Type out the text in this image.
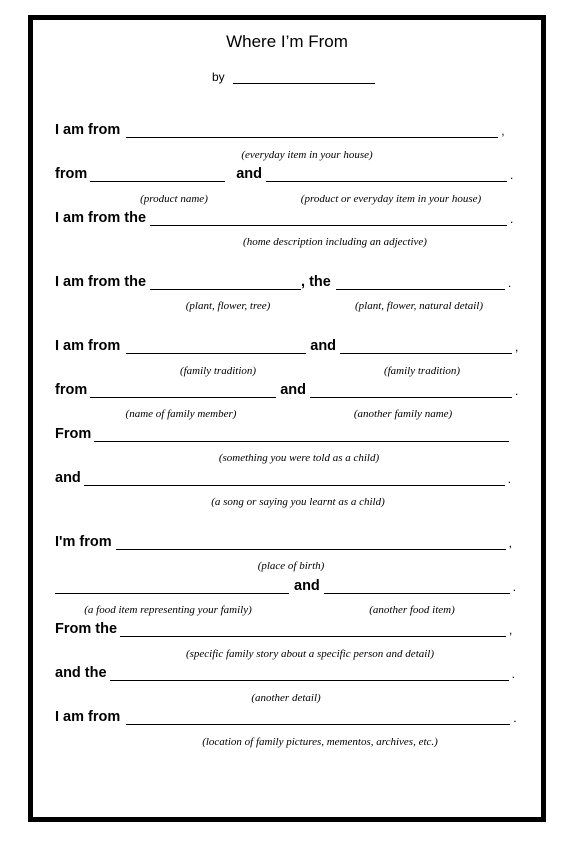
Where I’m From
by
I am from	,
(everyday item in your house)
from	and	.
(product name)	(product or everyday item in your house)
I am from the	.
(home description including an adjective)
I am from the	, the	.
(plant, flower, tree)	(plant, flower, natural detail)
I am from	and	,
(family tradition)	(family tradition)
from	and	.
(name of family member)	(another family name)
From
(something you were told as a child)
and	.
(a song or saying you learnt as a child)
I'm from	,
(place of birth)
and	.
(a food item representing your family)	(another food item)
From the	,
(specific family story about a specific person and detail)
and the	.
(another detail)
I am from	.
(location of family pictures, mementos, archives, etc.)
